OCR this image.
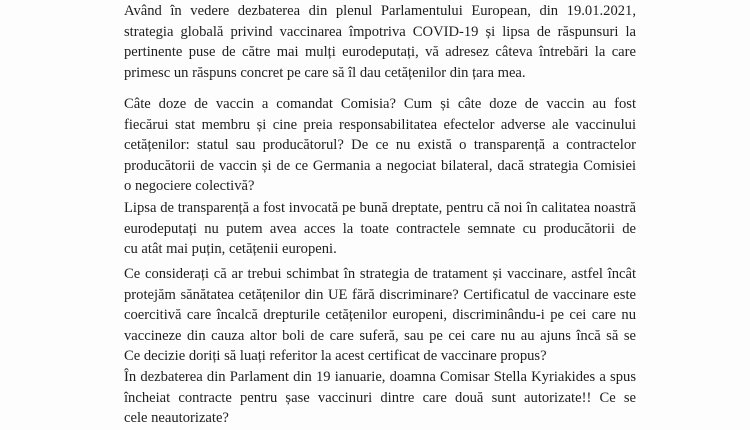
Având în vedere dezbaterea din plenul Parlamentului European, din 19.01.2021,
strategia globală privind vaccinarea împotriva COVID-19 și lipsa de răspunsuri la
pertinente puse de către mai mulți eurodeputați, vă adresez câteva întrebări la care
primesc un răspuns concret pe care să îl dau cetățenilor din țara mea.

Câte doze de vaccin a comandat Comisia? Cum și câte doze de vaccin au fost
fiecărui stat membru și cine preia responsabilitatea efectelor adverse ale vaccinului
cetățenilor: statul sau producătorul? De ce nu există o transparență a contractelor
producătorii de vaccin și de ce Germania a negociat bilateral, dacă strategia Comisiei
o negociere colectivă?

Lipsa de transparență a fost invocată pe bună dreptate, pentru că noi în calitatea noastră
eurodeputați nu putem avea acces la toate contractele semnate cu producătorii de
cu atât mai puțin, cetățenii europeni.

Ce considerați că ar trebui schimbat în strategia de tratament și vaccinare, astfel încât
protejăm sănătatea cetățenilor din UE fără discriminare? Certificatul de vaccinare este
coercitivă care încalcă drepturile cetățenilor europeni, discriminându-i pe cei care nu
vaccineze din cauza altor boli de care suferă, sau pe cei care nu au ajuns încă să se
Ce decizie doriți să luați referitor la acest certificat de vaccinare propus?

În dezbaterea din Parlament din 19 ianuarie, doamna Comisar Stella Kyriakides a spus
încheiat contracte pentru șase vaccinuri dintre care două sunt autorizate!! Ce se
cele neautorizate?
